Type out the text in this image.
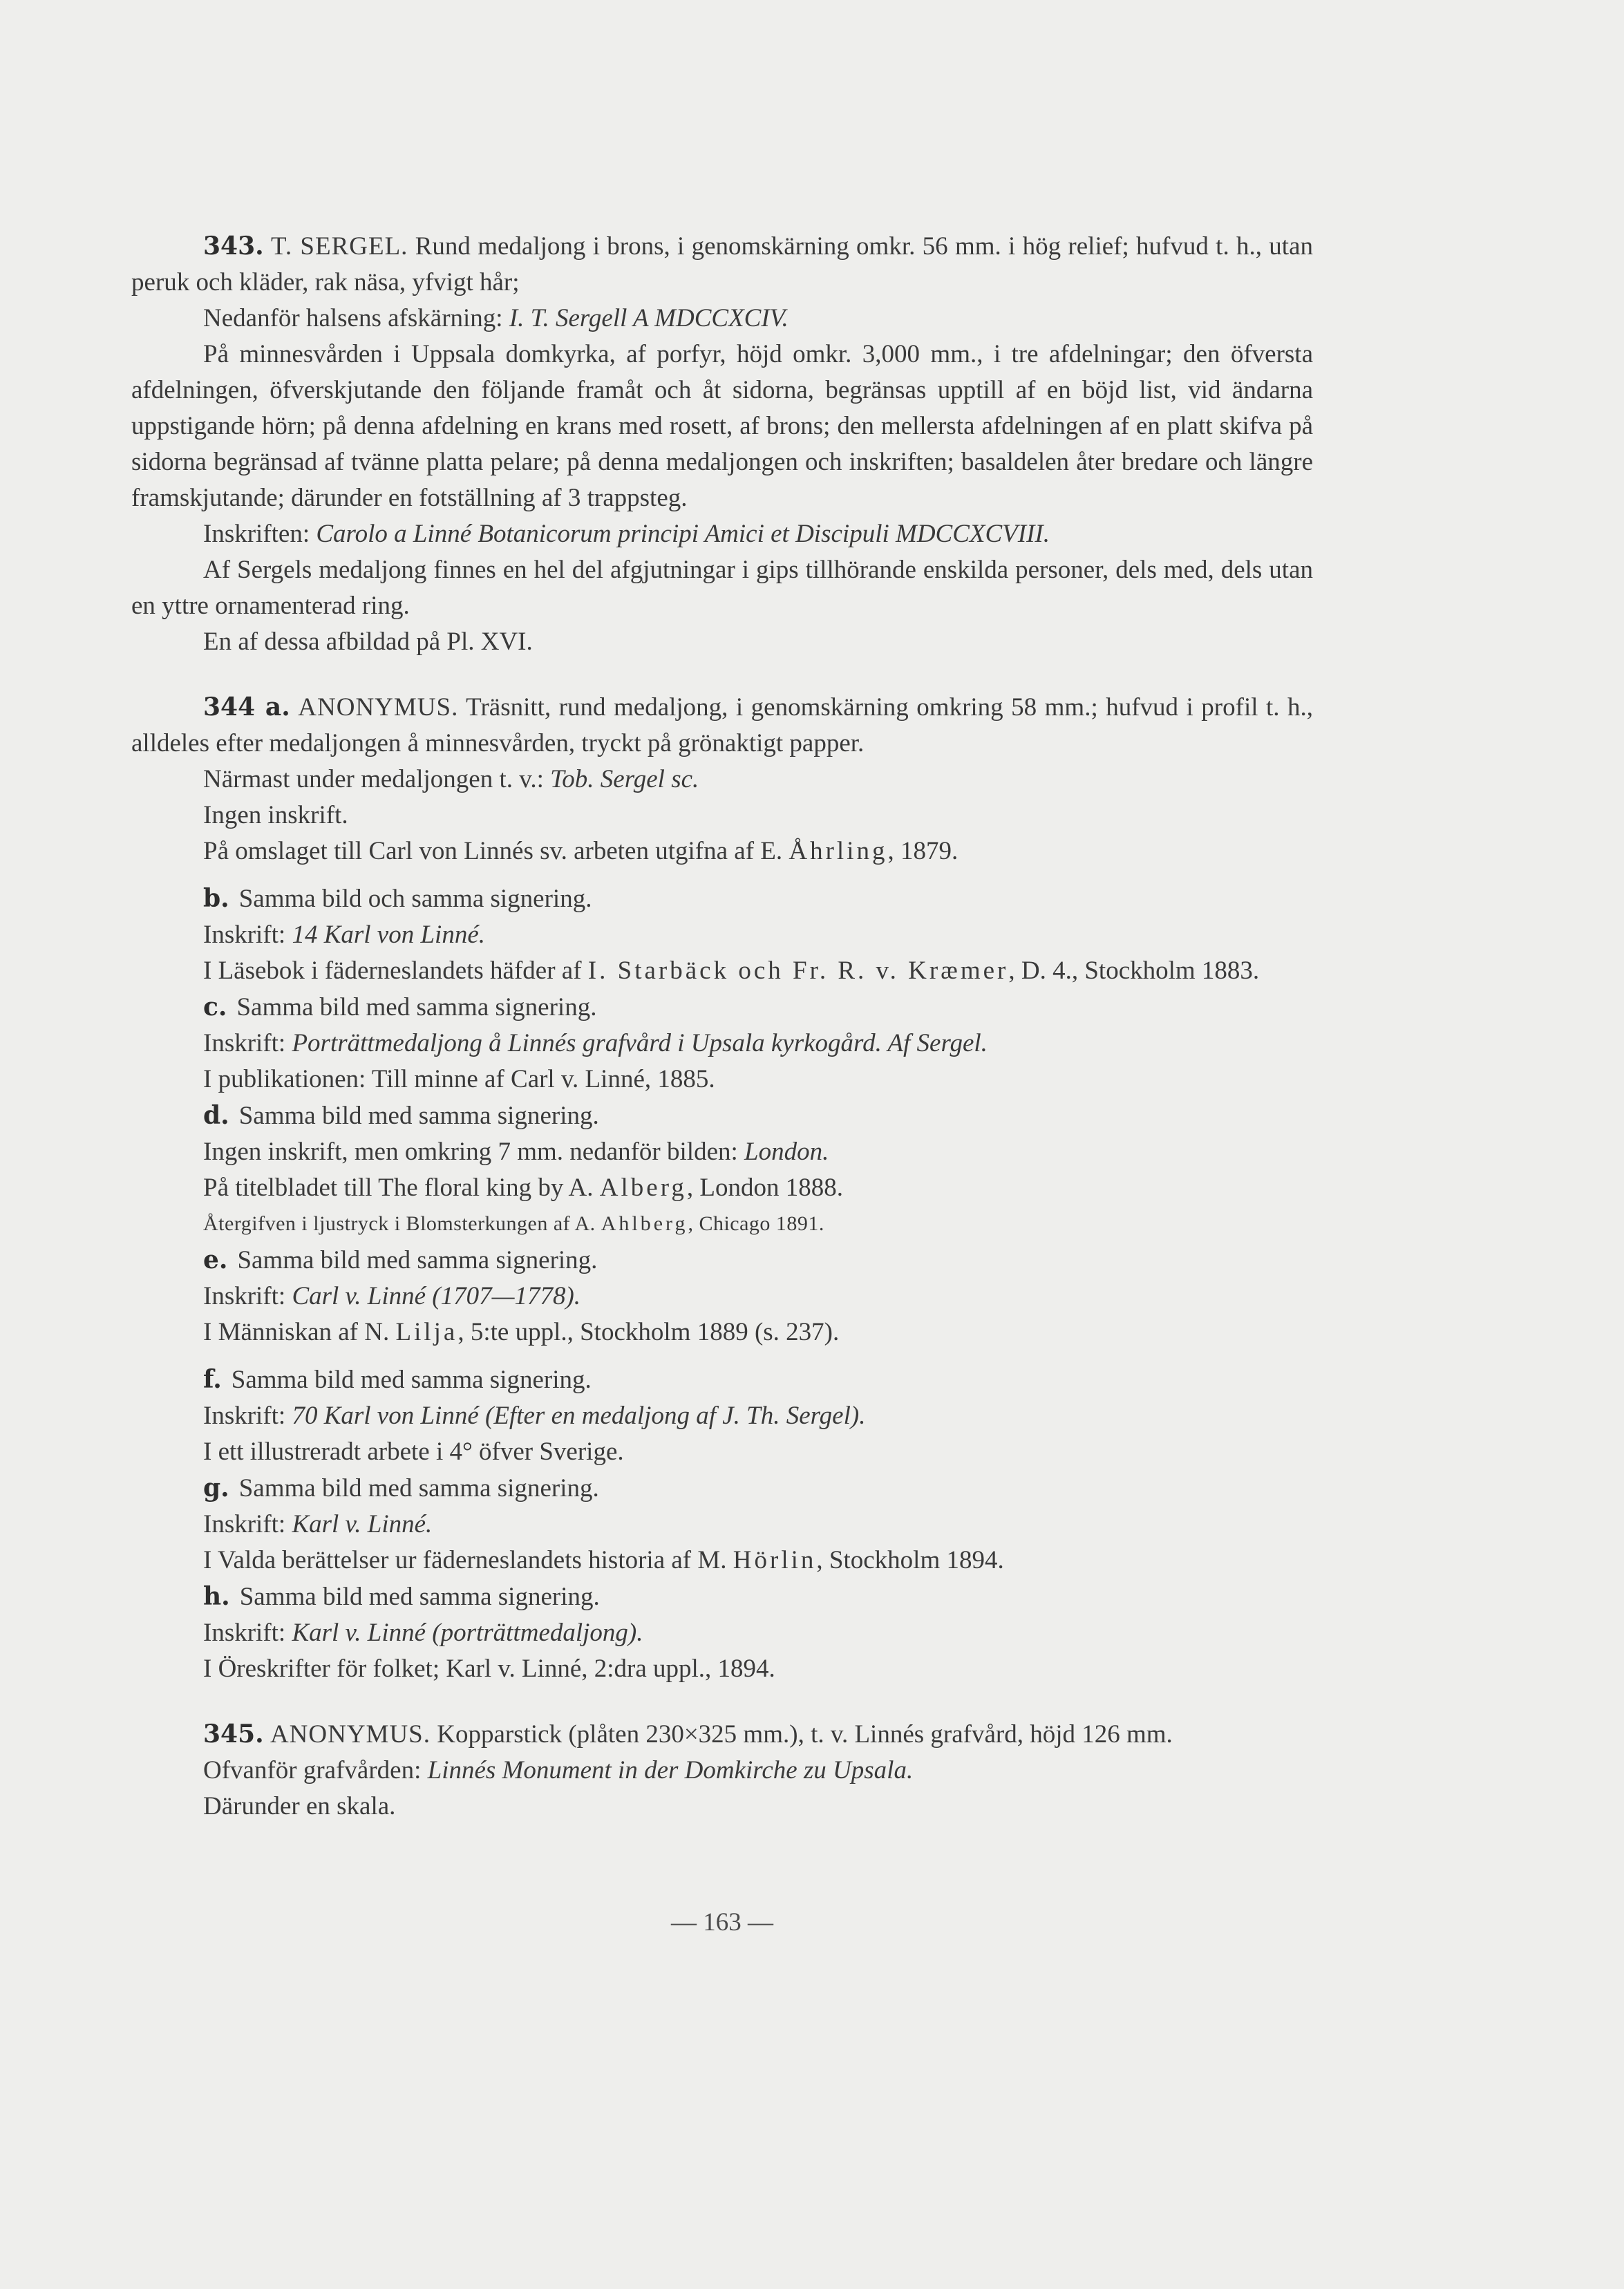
343. T. SERGEL. Rund medaljong i brons, i genomskärning omkr. 56 mm. i hög relief; hufvud t. h., utan peruk och kläder, rak näsa, yfvigt hår;

Nedanför halsens afskärning: I. T. Sergell A MDCCXCIV.

På minnesvården i Uppsala domkyrka, af porfyr, höjd omkr. 3,000 mm., i tre afdelningar; den öfversta afdelningen, öfverskjutande den följande framåt och åt sidorna, begränsas upptill af en böjd list, vid ändarna uppstigande hörn; på denna afdelning en krans med rosett, af brons; den mellersta afdelningen af en platt skifva på sidorna begränsad af tvänne platta pelare; på denna medaljongen och inskriften; basaldelen åter bredare och längre framskjutande; därunder en fotställning af 3 trappsteg.

Inskriften: Carolo a Linné Botanicorum principi Amici et Discipuli MDCCXCVIII.

Af Sergels medaljong finnes en hel del afgjutningar i gips tillhörande enskilda personer, dels med, dels utan en yttre ornamenterad ring.

En af dessa afbildad på Pl. XVI.

344 a. ANONYMUS. Träsnitt, rund medaljong, i genomskärning omkring 58 mm.; hufvud i profil t. h., alldeles efter medaljongen å minnesvården, tryckt på grönaktigt papper.

Närmast under medaljongen t. v.: Tob. Sergel sc.

Ingen inskrift.

På omslaget till Carl von Linnés sv. arbeten utgifna af E. Åhrling, 1879.

b. Samma bild och samma signering.

Inskrift: 14 Karl von Linné.

I Läsebok i fäderneslandets häfder af I. Starbäck och Fr. R. v. Kræmer, D. 4., Stockholm 1883.

c. Samma bild med samma signering.

Inskrift: Porträttmedaljong å Linnés grafvård i Upsala kyrkogård. Af Sergel.

I publikationen: Till minne af Carl v. Linné, 1885.

d. Samma bild med samma signering.

Ingen inskrift, men omkring 7 mm. nedanför bilden: London.

På titelbladet till The floral king by A. Alberg, London 1888.

Återgifven i ljustryck i Blomsterkungen af A. Ahlberg, Chicago 1891.

e. Samma bild med samma signering.

Inskrift: Carl v. Linné (1707—1778).

I Människan af N. Lilja, 5:te uppl., Stockholm 1889 (s. 237).

f. Samma bild med samma signering.

Inskrift: 70 Karl von Linné (Efter en medaljong af J. Th. Sergel).

I ett illustreradt arbete i 4° öfver Sverige.

g. Samma bild med samma signering.

Inskrift: Karl v. Linné.

I Valda berättelser ur fäderneslandets historia af M. Hörlin, Stockholm 1894.

h. Samma bild med samma signering.

Inskrift: Karl v. Linné (porträttmedaljong).

I Öreskrifter för folket; Karl v. Linné, 2:dra uppl., 1894.

345. ANONYMUS. Kopparstick (plåten 230×325 mm.), t. v. Linnés grafvård, höjd 126 mm.

Ofvanför grafvården: Linnés Monument in der Domkirche zu Upsala.

Därunder en skala.

— 163 —
